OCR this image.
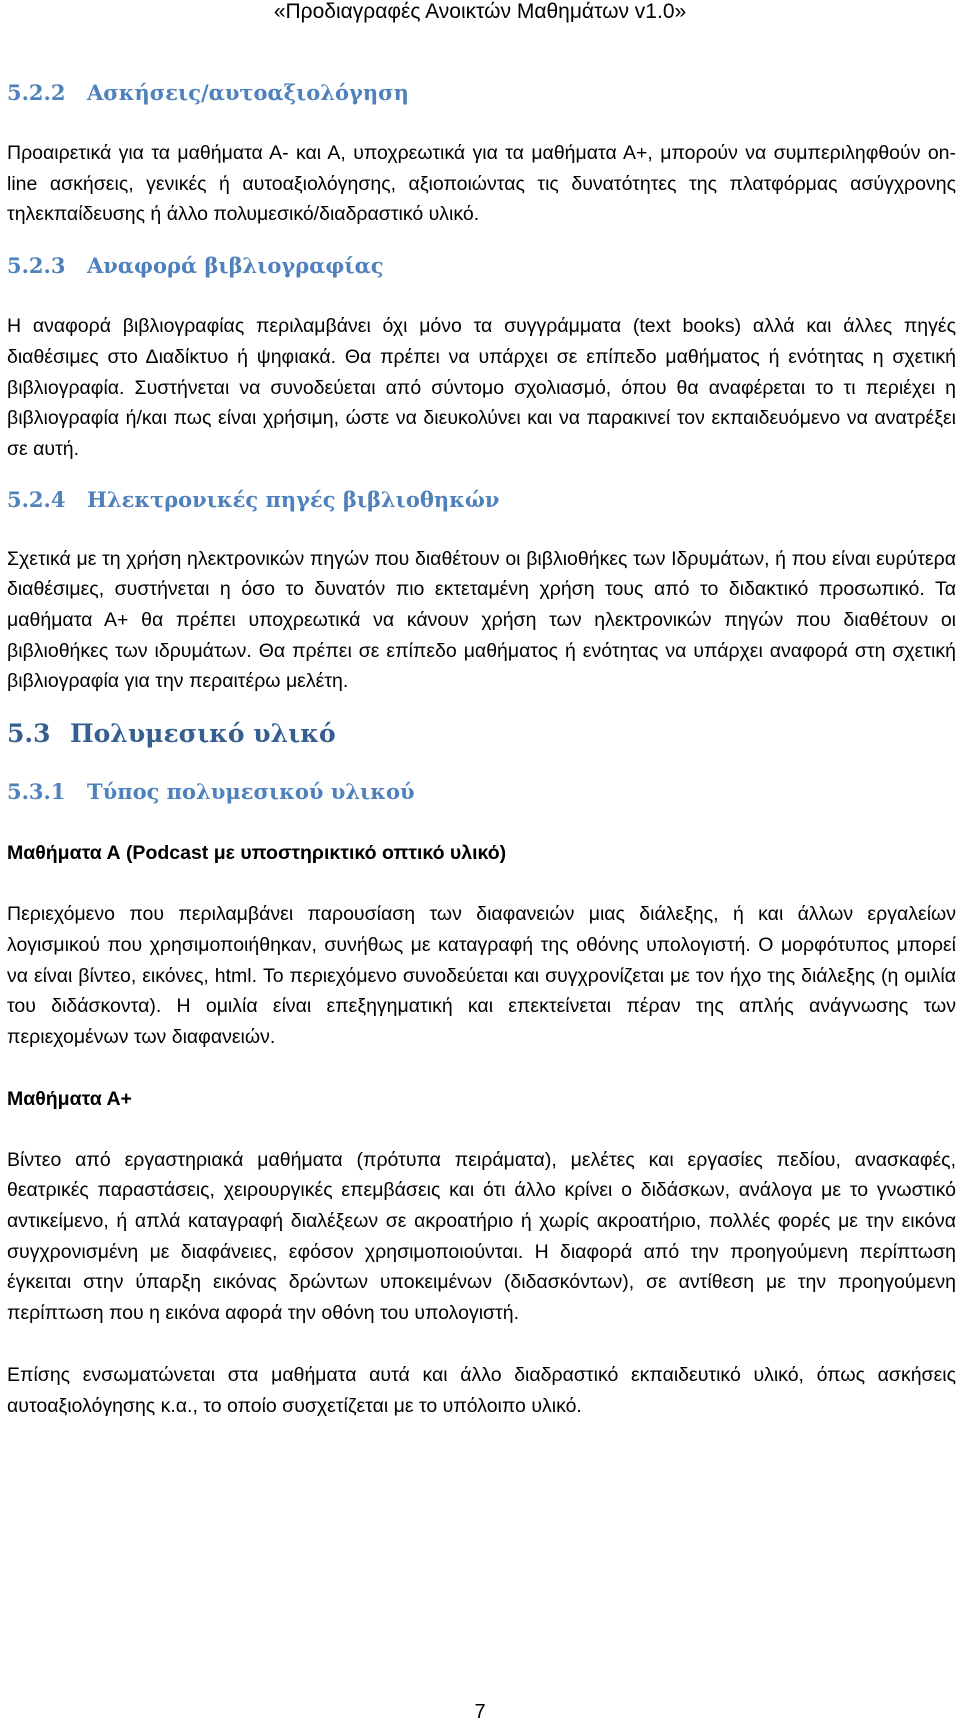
«Προδιαγραφές Ανοικτών Μαθημάτων v1.0»
5.2.2 Ασκήσεις/αυτοαξιολόγηση

Προαιρετικά για τα μαθήματα Α- και Α, υποχρεωτικά για τα μαθήματα Α+, μπορούν να συμπεριληφθούν on-line ασκήσεις, γενικές ή αυτοαξιολόγησης, αξιοποιώντας τις δυνατότητες της πλατφόρμας ασύγχρονης τηλεκπαίδευσης ή άλλο πολυμεσικό/διαδραστικό υλικό.

5.2.3 Αναφορά βιβλιογραφίας

Η αναφορά βιβλιογραφίας περιλαμβάνει όχι μόνο τα συγγράμματα (text books) αλλά και άλλες πηγές διαθέσιμες στο Διαδίκτυο ή ψηφιακά. Θα πρέπει να υπάρχει σε επίπεδο μαθήματος ή ενότητας η σχετική βιβλιογραφία. Συστήνεται να συνοδεύεται από σύντομο σχολιασμό, όπου θα αναφέρεται το τι περιέχει η βιβλιογραφία ή/και πως είναι χρήσιμη, ώστε να διευκολύνει και να παρακινεί τον εκπαιδευόμενο να ανατρέξει σε αυτή.

5.2.4 Ηλεκτρονικές πηγές βιβλιοθηκών

Σχετικά με τη χρήση ηλεκτρονικών πηγών που διαθέτουν οι βιβλιοθήκες των Ιδρυμάτων, ή που είναι ευρύτερα διαθέσιμες, συστήνεται η όσο το δυνατόν πιο εκτεταμένη χρήση τους από το διδακτικό προσωπικό. Τα μαθήματα Α+ θα πρέπει υποχρεωτικά να κάνουν χρήση των ηλεκτρονικών πηγών που διαθέτουν οι βιβλιοθήκες των ιδρυμάτων. Θα πρέπει σε επίπεδο μαθήματος ή ενότητας να υπάρχει αναφορά στη σχετική βιβλιογραφία για την περαιτέρω μελέτη.

5.3 Πολυμεσικό υλικό
5.3.1 Τύπος πολυμεσικού υλικού

Μαθήματα Α (Podcast με υποστηρικτικό οπτικό υλικό)

Περιεχόμενο που περιλαμβάνει παρουσίαση των διαφανειών μιας διάλεξης, ή και άλλων εργαλείων λογισμικού που χρησιμοποιήθηκαν, συνήθως με καταγραφή της οθόνης υπολογιστή. Ο μορφότυπος μπορεί να είναι βίντεο, εικόνες, html. Το περιεχόμενο συνοδεύεται και συγχρονίζεται με τον ήχο της διάλεξης (η ομιλία του διδάσκοντα). Η ομιλία είναι επεξηγηματική και επεκτείνεται πέραν της απλής ανάγνωσης των περιεχομένων των διαφανειών.

Μαθήματα Α+

Βίντεο από εργαστηριακά μαθήματα (πρότυπα πειράματα), μελέτες και εργασίες πεδίου, ανασκαφές, θεατρικές παραστάσεις, χειρουργικές επεμβάσεις και ότι άλλο κρίνει ο διδάσκων, ανάλογα με το γνωστικό αντικείμενο, ή απλά καταγραφή διαλέξεων σε ακροατήριο ή χωρίς ακροατήριο, πολλές φορές με την εικόνα συγχρονισμένη με διαφάνειες, εφόσον χρησιμοποιούνται. Η διαφορά από την προηγούμενη περίπτωση έγκειται στην ύπαρξη εικόνας δρώντων υποκειμένων (διδασκόντων), σε αντίθεση με την προηγούμενη περίπτωση που η εικόνα αφορά την οθόνη του υπολογιστή.

Επίσης ενσωματώνεται στα μαθήματα αυτά και άλλο διαδραστικό εκπαιδευτικό υλικό, όπως ασκήσεις αυτοαξιολόγησης κ.α., το οποίο συσχετίζεται με το υπόλοιπο υλικό.

7
